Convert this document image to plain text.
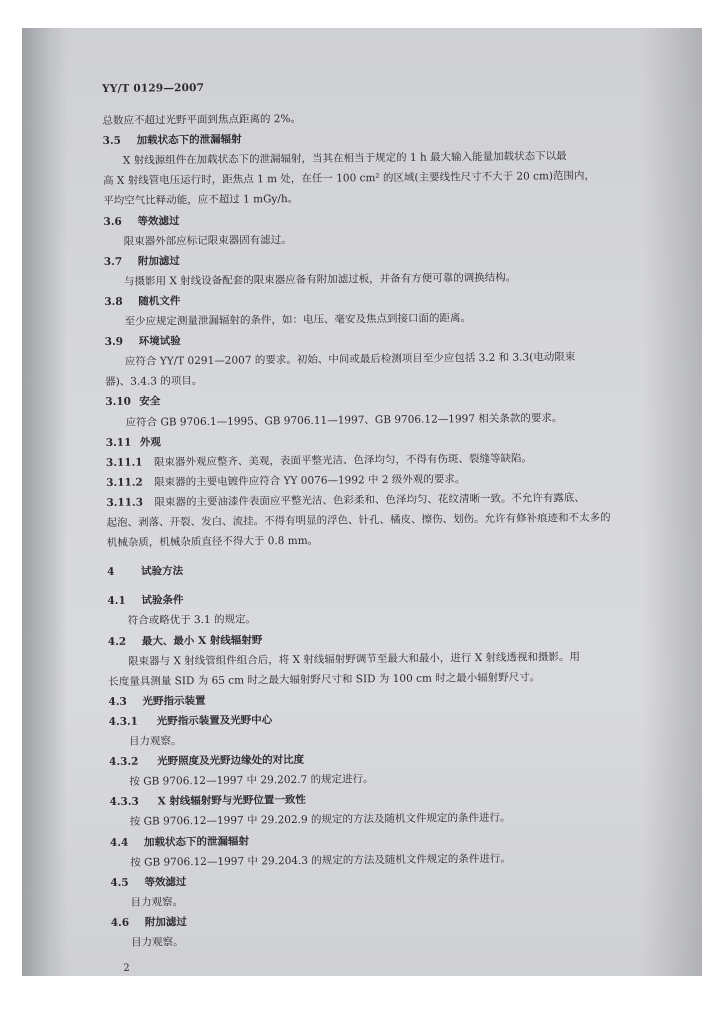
YY/T 0129—2007
总数应不超过光野平面到焦点距离的 2%。
3.5 加载状态下的泄漏辐射
X 射线源组件在加载状态下的泄漏辐射，当其在相当于规定的 1 h 最大输入能量加载状态下以最
高 X 射线管电压运行时，距焦点 1 m 处，在任一 100 cm² 的区域(主要线性尺寸不大于 20 cm)范围内，
平均空气比释动能，应不超过 1 mGy/h。
3.6 等效滤过
限束器外部应标记限束器固有滤过。
3.7 附加滤过
与摄影用 X 射线设备配套的限束器应备有附加滤过板，并备有方便可靠的调换结构。
3.8 随机文件
至少应规定测量泄漏辐射的条件，如：电压、毫安及焦点到接口面的距离。
3.9 环境试验
应符合 YY/T 0291—2007 的要求。初始、中间或最后检测项目至少应包括 3.2 和 3.3(电动限束
器)、3.4.3 的项目。
3.10 安全
应符合 GB 9706.1—1995、GB 9706.11—1997、GB 9706.12—1997 相关条款的要求。
3.11 外观
3.11.1 限束器外观应整齐、美观，表面平整光洁、色泽均匀，不得有伤斑、裂缝等缺陷。
3.11.2 限束器的主要电镀件应符合 YY 0076—1992 中 2 级外观的要求。
3.11.3 限束器的主要油漆件表面应平整光洁、色彩柔和、色泽均匀、花纹清晰一致。不允许有露底、
起泡、剥落、开裂、发白、流挂。不得有明显的浮色、针孔、橘皮、擦伤、划伤。允许有修补痕迹和不太多的
机械杂质，机械杂质直径不得大于 0.8 mm。
4	试验方法
4.1 试验条件
符合或略优于 3.1 的规定。
4.2 最大、最小 X 射线辐射野
限束器与 X 射线管组件组合后，将 X 射线辐射野调节至最大和最小，进行 X 射线透视和摄影。用
长度量具测量 SID 为 65 cm 时之最大辐射野尺寸和 SID 为 100 cm 时之最小辐射野尺寸。
4.3 光野指示装置
4.3.1 光野指示装置及光野中心
目力观察。
4.3.2 光野照度及光野边缘处的对比度
按 GB 9706.12—1997 中 29.202.7 的规定进行。
4.3.3 X 射线辐射野与光野位置一致性
按 GB 9706.12—1997 中 29.202.9 的规定的方法及随机文件规定的条件进行。
4.4 加载状态下的泄漏辐射
按 GB 9706.12—1997 中 29.204.3 的规定的方法及随机文件规定的条件进行。
4.5 等效滤过
目力观察。
4.6 附加滤过
目力观察。
2
